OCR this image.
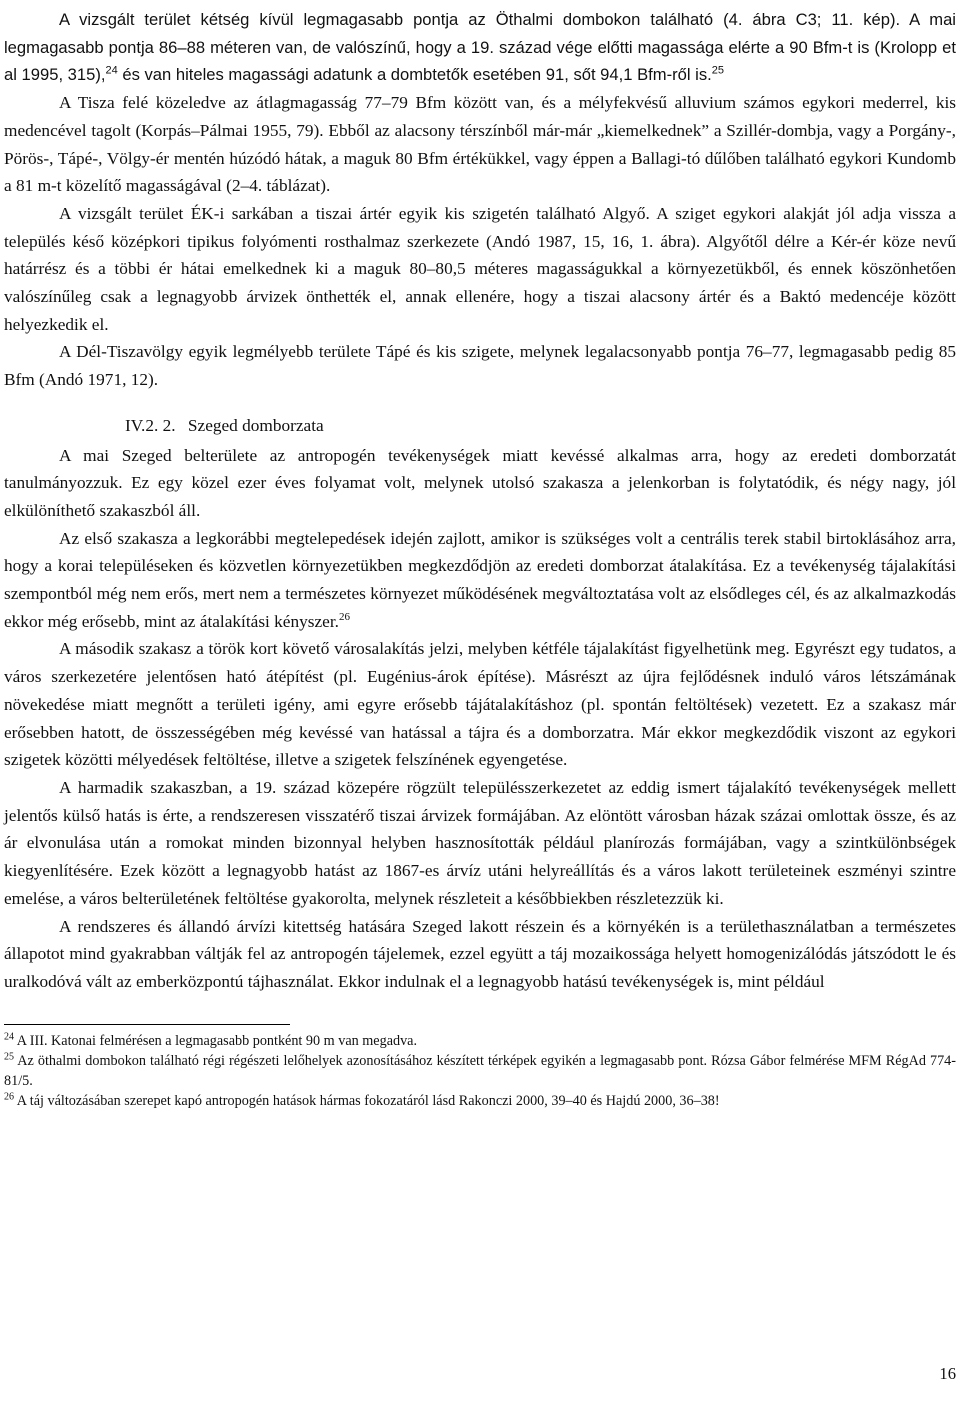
A vizsgált terület kétség kívül legmagasabb pontja az Öthalmi dombokon található (4. ábra C3; 11. kép). A mai legmagasabb pontja 86–88 méteren van, de valószínű, hogy a 19. század vége előtti magassága elérte a 90 Bfm-t is (Krolopp et al 1995, 315),$^{24}$ és van hiteles magassági adatunk a dombtetők esetében 91, sőt 94,1 Bfm-ről is.$^{25}$

A Tisza felé közeledve az átlagmagasság 77–79 Bfm között van, és a mélyfekvésű alluvium számos egykori mederrel, kis medencével tagolt (Korpás–Pálmai 1955, 79). Ebből az alacsony térszínből már-már „kiemelkednek” a Szillér-dombja, vagy a Porgány-, Pörös-, Tápé-, Völgy-ér mentén húzódó hátak, a maguk 80 Bfm értékükkel, vagy éppen a Ballagi-tó dűlőben található egykori Kundomb a 81 m-t közelítő magasságával (2–4. táblázat).

A vizsgált terület ÉK-i sarkában a tiszai ártér egyik kis szigetén található Algyő. A sziget egykori alakját jól adja vissza a település késő középkori tipikus folyómenti rosthalmaz szerkezete (Andó 1987, 15, 16, 1. ábra). Algyőtől délre a Kér-ér köze nevű határrész és a többi ér hátai emelkednek ki a maguk 80–80,5 méteres magasságukkal a környezetükből, és ennek köszönhetően valószínűleg csak a legnagyobb árvizek önthették el, annak ellenére, hogy a tiszai alacsony ártér és a Baktó medencéje között helyezkedik el.

A Dél-Tiszavölgy egyik legmélyebb területe Tápé és kis szigete, melynek legalacsonyabb pontja 76–77, legmagasabb pedig 85 Bfm (Andó 1971, 12).

IV.2. 2. Szeged domborzata

A mai Szeged belterülete az antropogén tevékenységek miatt kevéssé alkalmas arra, hogy az eredeti domborzatát tanulmányozzuk. Ez egy közel ezer éves folyamat volt, melynek utolsó szakasza a jelenkorban is folytatódik, és négy nagy, jól elkülöníthető szakaszból áll.

Az első szakasza a legkorábbi megtelepedések idején zajlott, amikor is szükséges volt a centrális terek stabil birtoklásához arra, hogy a korai településeken és közvetlen környezetükben megkezdődjön az eredeti domborzat átalakítása. Ez a tevékenység tájalakítási szempontból még nem erős, mert nem a természetes környezet működésének megváltoztatása volt az elsődleges cél, és az alkalmazkodás ekkor még erősebb, mint az átalakítási kényszer.$^{26}$

A második szakasz a török kort követő városalakítás jelzi, melyben kétféle tájalakítást figyelhetünk meg. Egyrészt egy tudatos, a város szerkezetére jelentősen ható átépítést (pl. Eugénius-árok építése). Másrészt az újra fejlődésnek induló város létszámának növekedése miatt megnőtt a területi igény, ami egyre erősebb tájátalakításhoz (pl. spontán feltöltések) vezetett. Ez a szakasz már erősebben hatott, de összességében még kevéssé van hatással a tájra és a domborzatra. Már ekkor megkezdődik viszont az egykori szigetek közötti mélyedések feltöltése, illetve a szigetek felszínének egyengetése.

A harmadik szakaszban, a 19. század közepére rögzült településszerkezetet az eddig ismert tájalakító tevékenységek mellett jelentős külső hatás is érte, a rendszeresen visszatérő tiszai árvizek formájában. Az elöntött városban házak százai omlottak össze, és az ár elvonulása után a romokat minden bizonnyal helyben hasznosították például planírozás formájában, vagy a szintkülönbségek kiegyenlítésére. Ezek között a legnagyobb hatást az 1867-es árvíz utáni helyreállítás és a város lakott területeinek eszményi szintre emelése, a város belterületének feltöltése gyakorolta, melynek részleteit a későbbiekben részletezzük ki.

A rendszeres és állandó árvízi kitettség hatására Szeged lakott részein és a környékén is a területhasználatban a természetes állapotot mind gyakrabban váltják fel az antropogén tájelemek, ezzel együtt a táj mozaikossága helyett homogenizálódás játszódott le és uralkodóvá vált az emberközpontú tájhasználat. Ekkor indulnak el a legnagyobb hatású tevékenységek is, mint például

$^{24}$ A III. Katonai felmérésen a legmagasabb pontként 90 m van megadva.

$^{25}$ Az öthalmi dombokon található régi régészeti lelőhelyek azonosításához készített térképek egyikén a legmagasabb pont. Rózsa Gábor felmérése MFM RégAd 774-81/5.

$^{26}$ A táj változásában szerepet kapó antropogén hatások hármas fokozatáról lásd Rakonczi 2000, 39–40 és Hajdú 2000, 36–38!

16
